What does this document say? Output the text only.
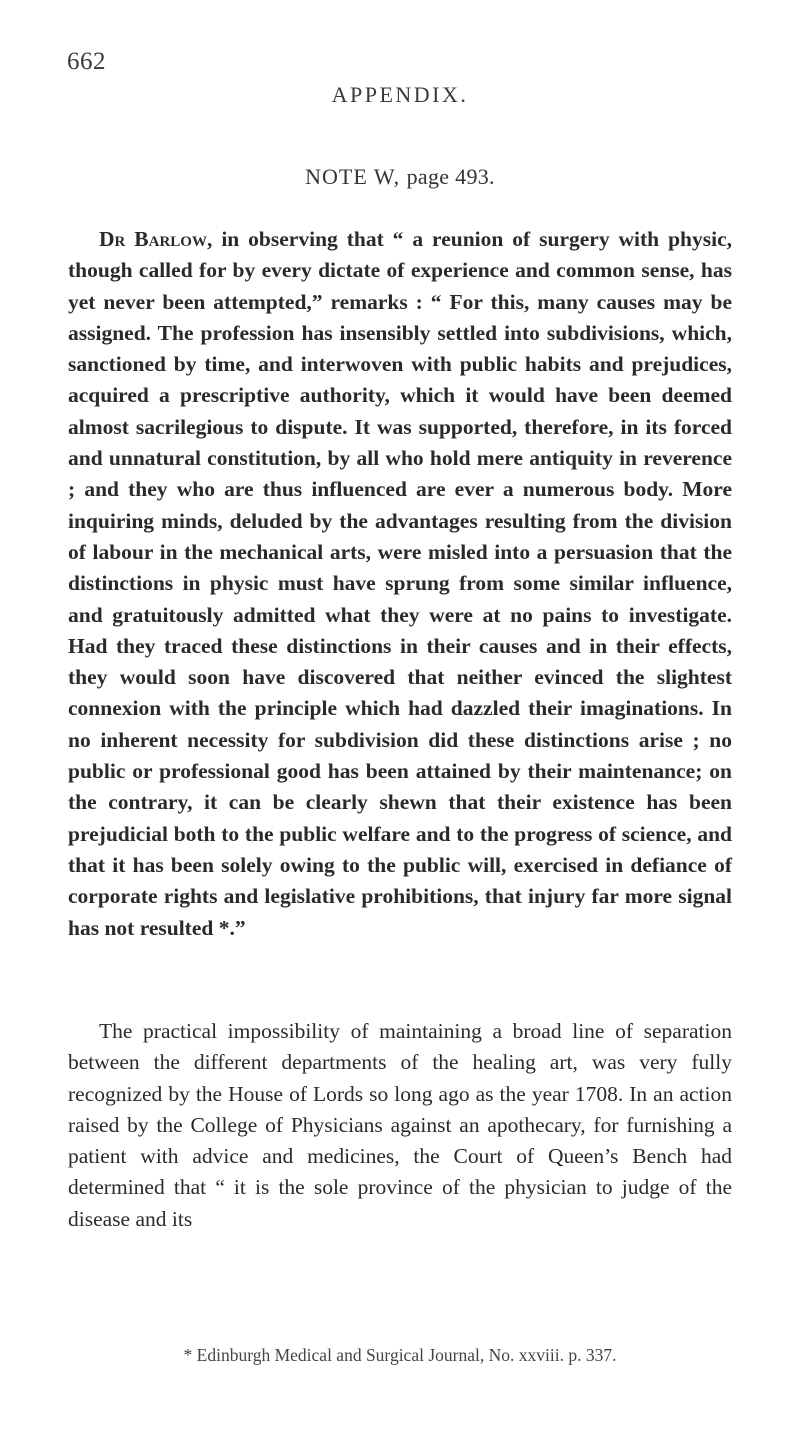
662
APPENDIX.
NOTE W, page 493.
Dr Barlow, in observing that “ a reunion of surgery with physic, though called for by every dictate of experience and common sense, has yet never been attempted,” remarks : “ For this, many causes may be assigned. The profession has insensibly settled into subdivisions, which, sanctioned by time, and interwoven with public habits and prejudices, acquired a prescriptive authority, which it would have been deemed almost sacrilegious to dispute. It was supported, therefore, in its forced and unnatural constitution, by all who hold mere antiquity in reverence ; and they who are thus influenced are ever a numerous body. More inquiring minds, deluded by the advantages resulting from the division of labour in the mechanical arts, were misled into a persuasion that the distinctions in physic must have sprung from some similar influence, and gratuitously admitted what they were at no pains to investigate. Had they traced these distinctions in their causes and in their effects, they would soon have discovered that neither evinced the slightest connexion with the principle which had dazzled their imaginations. In no inherent necessity for subdivision did these distinctions arise ; no public or professional good has been attained by their maintenance; on the contrary, it can be clearly shewn that their existence has been prejudicial both to the public welfare and to the progress of science, and that it has been solely owing to the public will, exercised in defiance of corporate rights and legislative prohibitions, that injury far more signal has not resulted *.”
The practical impossibility of maintaining a broad line of separation between the different departments of the healing art, was very fully recognized by the House of Lords so long ago as the year 1708. In an action raised by the College of Physicians against an apothecary, for furnishing a patient with advice and medicines, the Court of Queen’s Bench had determined that “ it is the sole province of the physician to judge of the disease and its
* Edinburgh Medical and Surgical Journal, No. xxviii. p. 337.
